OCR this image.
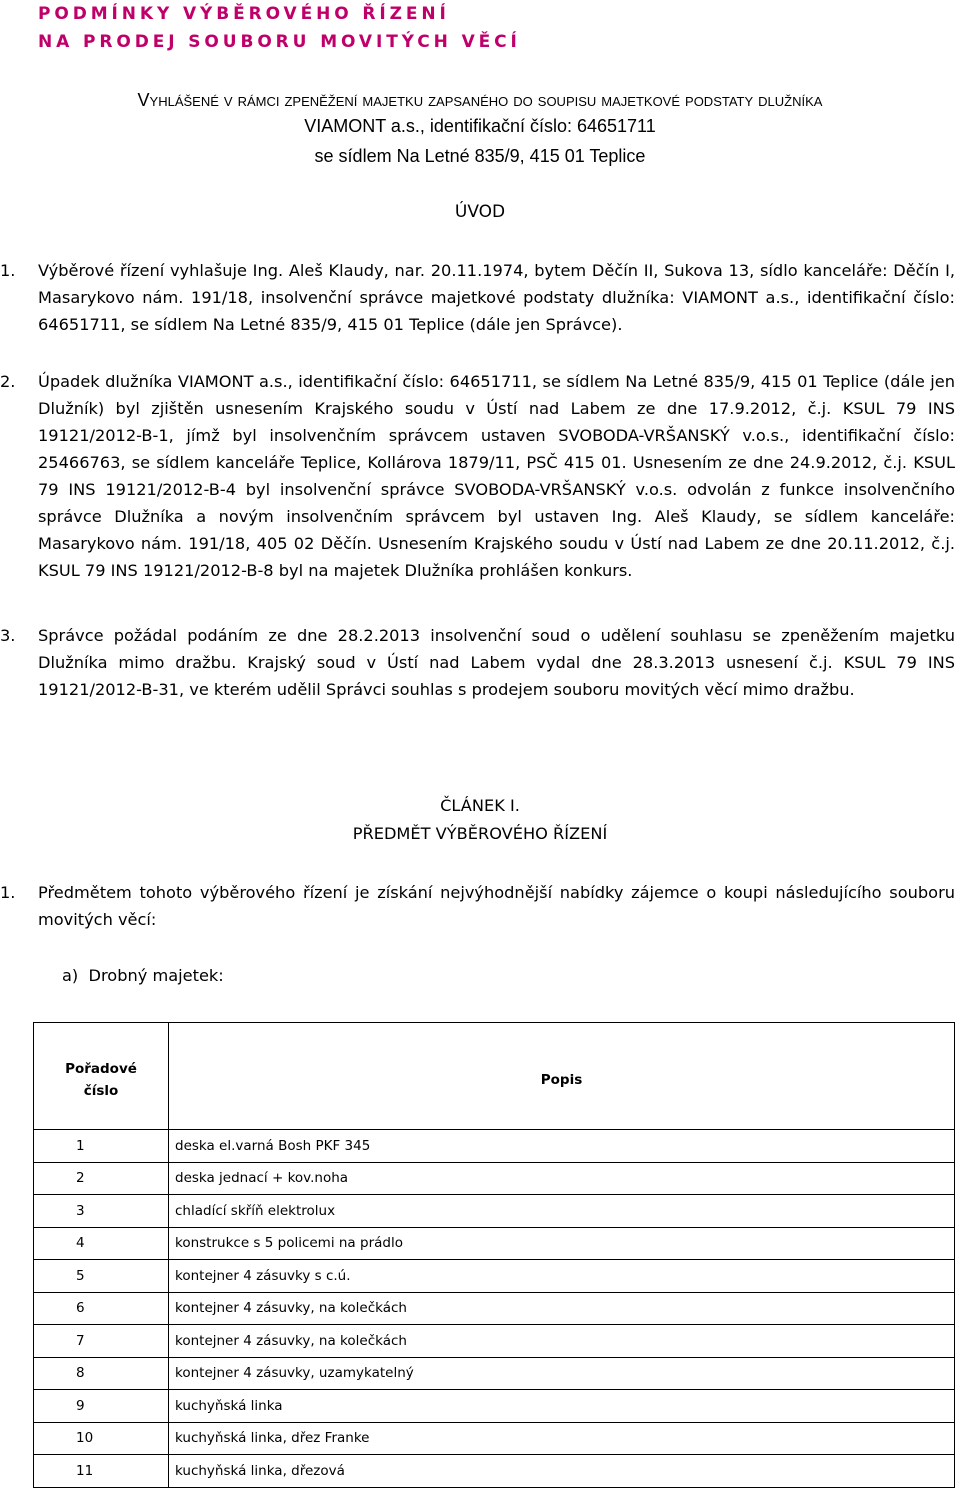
PODMÍNKY VÝBĚROVÉHO ŘÍZENÍ
NA PRODEJ SOUBORU MOVITÝCH VĚCÍ
Vyhlášené v rámci zpeněžení majetku zapsaného do soupisu majetkové podstaty dlužníka
VIAMONT a.s., identifikační číslo: 64651711
se sídlem Na Letné 835/9, 415 01 Teplice
ÚVOD
1. Výběrové řízení vyhlašuje Ing. Aleš Klaudy, nar. 20.11.1974, bytem Děčín II, Sukova 13, sídlo kanceláře: Děčín I, Masarykovo nám. 191/18, insolvenční správce majetkové podstaty dlužníka: VIAMONT a.s., identifikační číslo: 64651711, se sídlem Na Letné 835/9, 415 01 Teplice (dále jen Správce).
2. Úpadek dlužníka VIAMONT a.s., identifikační číslo: 64651711, se sídlem Na Letné 835/9, 415 01 Teplice (dále jen Dlužník) byl zjištěn usnesením Krajského soudu v Ústí nad Labem ze dne 17.9.2012, č.j. KSUL 79 INS 19121/2012-B-1, jímž byl insolvenčním správcem ustaven SVOBODA-VRŠANSKÝ v.o.s., identifikační číslo: 25466763, se sídlem kanceláře Teplice, Kollárova 1879/11, PSČ 415 01. Usnesením ze dne 24.9.2012, č.j. KSUL 79 INS 19121/2012-B-4 byl insolvenční správce SVOBODA-VRŠANSKÝ v.o.s. odvolán z funkce insolvenčního správce Dlužníka a novým insolvenčním správcem byl ustaven Ing. Aleš Klaudy, se sídlem kanceláře: Masarykovo nám. 191/18, 405 02 Děčín. Usnesením Krajského soudu v Ústí nad Labem ze dne 20.11.2012, č.j. KSUL 79 INS 19121/2012-B-8 byl na majetek Dlužníka prohlášen konkurs.
3. Správce požádal podáním ze dne 28.2.2013 insolvenční soud o udělení souhlasu se zpeněžením majetku Dlužníka mimo dražbu. Krajský soud v Ústí nad Labem vydal dne 28.3.2013 usnesení č.j. KSUL 79 INS 19121/2012-B-31, ve kterém udělil Správci souhlas s prodejem souboru movitých věcí mimo dražbu.
ČLÁNEK I.
PŘEDMĚT VÝBĚROVÉHO ŘÍZENÍ
1. Předmětem tohoto výběrového řízení je získání nejvýhodnější nabídky zájemce o koupi následujícího souboru movitých věcí:
a)  Drobný majetek:
Pořadové
číslo	Popis
1	deska el.varná Bosh PKF 345
2	deska jednací + kov.noha
3	chladící skříň elektrolux
4	konstrukce s 5 policemi na prádlo
5	kontejner 4 zásuvky s c.ú.
6	kontejner 4 zásuvky, na kolečkách
7	kontejner 4 zásuvky, na kolečkách
8	kontejner 4 zásuvky, uzamykatelný
9	kuchyňská linka
10	kuchyňská linka, dřez Franke
11	kuchyňská linka, dřezová
